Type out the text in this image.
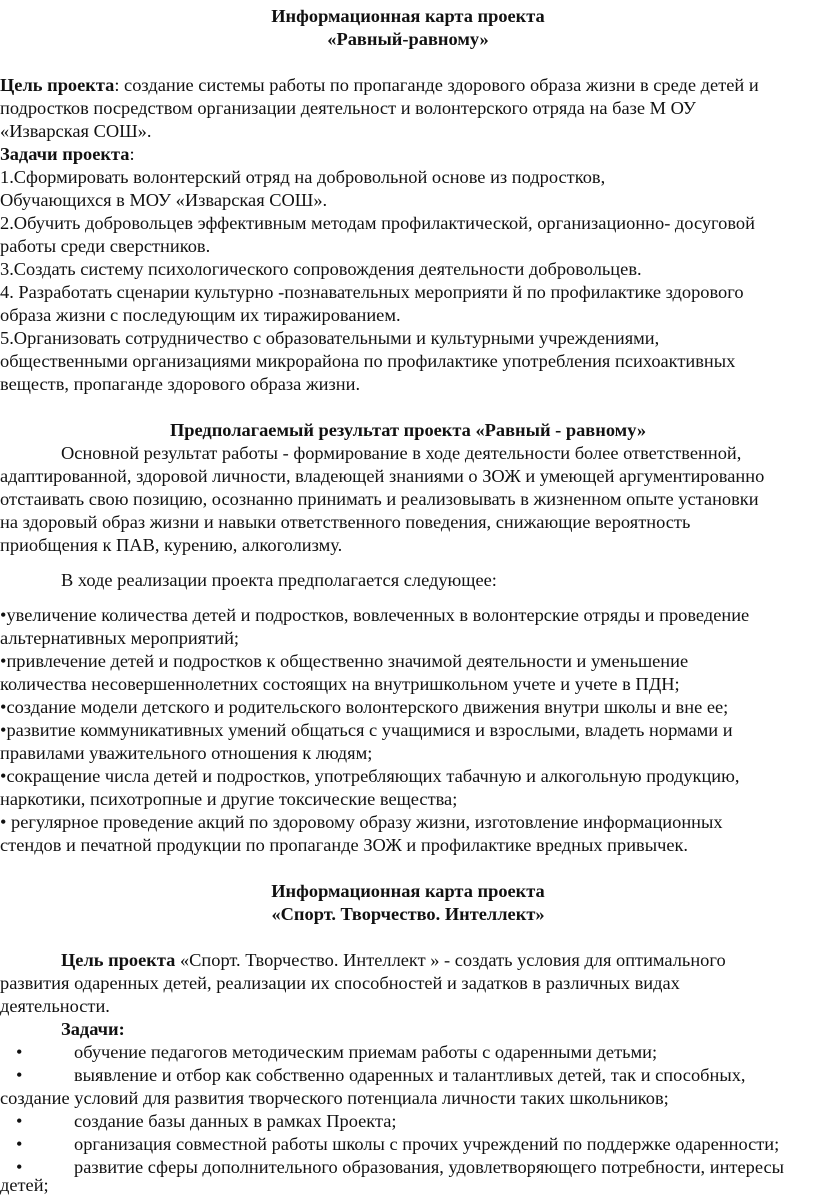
Информационная карта проекта
«Равный-равному»
Цель проекта: создание системы работы по пропаганде здорового образа жизни в среде детей и
подростков посредством организации деятельност и волонтерского отряда на базе М ОУ
«Изварская СОШ».
Задачи проекта:
1.Сформировать волонтерский отряд на добровольной основе из подростков,
Обучающихся в МОУ «Изварская СОШ».
2.Обучить добровольцев эффективным методам профилактической, организационно- досуговой
работы среди сверстников.
3.Создать систему психологического сопровождения деятельности добровольцев.
4. Разработать сценарии культурно -познавательных мероприяти й по профилактике здорового
образа жизни с последующим их тиражированием.
5.Организовать сотрудничество с образовательными и культурными учреждениями,
общественными организациями микрорайона по профилактике употребления психоактивных
веществ, пропаганде здорового образа жизни.
Предполагаемый результат проекта «Равный - равному»
Основной результат работы - формирование в ходе деятельности более ответственной,
адаптированной, здоровой личности, владеющей знаниями о ЗОЖ и умеющей аргументированно
отстаивать свою позицию, осознанно принимать и реализовывать в жизненном опыте установки
на здоровый образ жизни и навыки ответственного поведения, снижающие вероятность
приобщения к ПАВ, курению, алкоголизму.
В ходе реализации проекта предполагается следующее:
•увеличение количества детей и подростков, вовлеченных в волонтерские отряды и проведение
альтернативных мероприятий;
•привлечение детей и подростков к общественно значимой деятельности и уменьшение
количества несовершеннолетних состоящих на внутришкольном учете и учете в ПДН;
•создание модели детского и родительского волонтерского движения внутри школы и вне ее;
•развитие коммуникативных умений общаться с учащимися и взрослыми, владеть нормами и
правилами уважительного отношения к людям;
•сокращение числа детей и подростков, употребляющих табачную и алкогольную продукцию,
наркотики, психотропные и другие токсические вещества;
• регулярное проведение акций по здоровому образу жизни, изготовление информационных
стендов и печатной продукции по пропаганде ЗОЖ и профилактике вредных привычек.
Информационная карта проекта
«Спорт. Творчество. Интеллект»
Цель проекта «Спорт. Творчество. Интеллект » - создать условия для оптимального
развития одаренных детей, реализации их способностей и задатков в различных видах
деятельности.
Задачи:
•	обучение педагогов методическим приемам работы с одаренными детьми;
•	выявление и отбор как собственно одаренных и талантливых детей, так и способных,
создание условий для развития творческого потенциала личности таких школьников;
•	создание базы данных в рамках Проекта;
•	организация совместной работы школы с прочих учреждений по поддержке одаренности;
•	развитие сферы дополнительного образования, удовлетворяющего потребности, интересы
детей;
